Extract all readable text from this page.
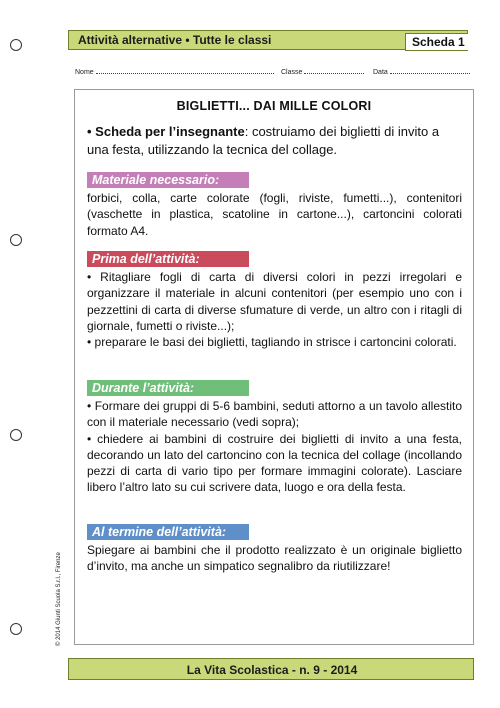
Attività alternative • Tutte le classi	Scheda 1
Nome	Classe	Data
BIGLIETTI... DAI MILLE COLORI
• Scheda per l’insegnante: costruiamo dei biglietti di invito a una festa, utilizzando la tecnica del collage.
Materiale necessario:

forbici, colla, carte colorate (fogli, riviste, fumetti...), contenitori (vaschette in plastica, scatoline in cartone...), cartoncini colorati formato A4.

Prima dell’attività:

• Ritagliare fogli di carta di diversi colori in pezzi irregolari e organizzare il materiale in alcuni contenitori (per esempio uno con i pezzettini di carta di diverse sfumature di verde, un altro con i ritagli di giornale, fumetti o riviste...);

• preparare le basi dei biglietti, tagliando in strisce i cartoncini colorati.

Durante l’attività:

• Formare dei gruppi di 5-6 bambini, seduti attorno a un tavolo allestito con il materiale necessario (vedi sopra);

• chiedere ai bambini di costruire dei biglietti di invito a una festa, decorando un lato del cartoncino con la tecnica del collage (incollando pezzi di carta di vario tipo per formare immagini colorate). Lasciare libero l’altro lato su cui scrivere data, luogo e ora della festa.

Al termine dell’attività:

Spiegare ai bambini che il prodotto realizzato è un originale biglietto d’invito, ma anche un simpatico segnalibro da riutilizzare!

© 2014 Giunti Scuola S.r.l., Firenze
La Vita Scolastica - n. 9 - 2014
